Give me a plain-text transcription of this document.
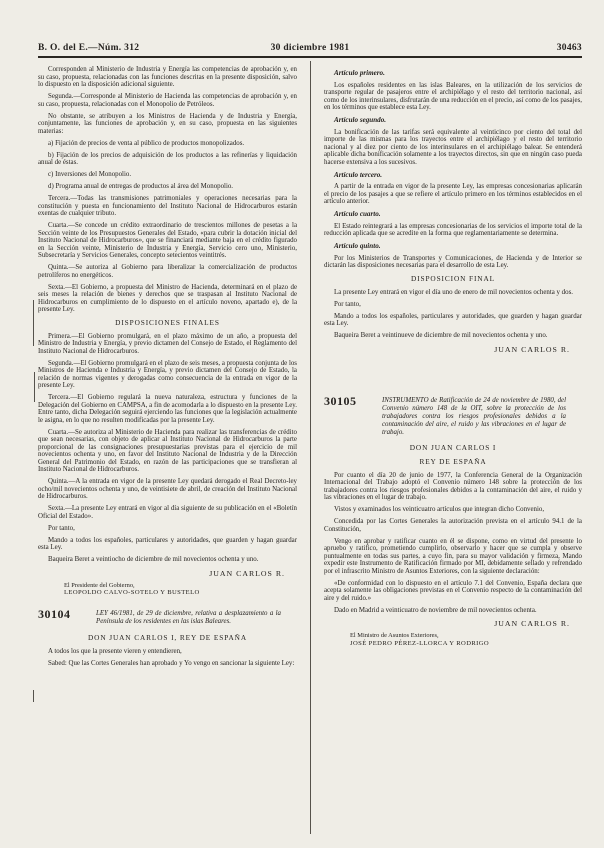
B. O. del E.—Núm. 312	30 diciembre 1981	30463

Corresponden al Ministerio de Industria y Energía las competencias de aprobación y, en su caso, propuesta, relacionadas con las funciones descritas en la presente disposición, salvo lo dispuesto en la disposición adicional siguiente.

Segunda.—Corresponde al Ministerio de Hacienda las competencias de aprobación y, en su caso, propuesta, relacionadas con el Monopolio de Petróleos.

No obstante, se atribuyen a los Ministros de Hacienda y de Industria y Energía, conjuntamente, las funciones de aprobación y, en su caso, propuesta en las siguientes materias:

a) Fijación de precios de venta al público de productos monopolizados.

b) Fijación de los precios de adquisición de los productos a las refinerías y liquidación anual de éstas.

c) Inversiones del Monopolio.

d) Programa anual de entregas de productos al área del Monopolio.

Tercera.—Todas las transmisiones patrimoniales y operaciones necesarias para la constitución y puesta en funcionamiento del Instituto Nacional de Hidrocarburos estarán exentas de cualquier tributo.

Cuarta.—Se concede un crédito extraordinario de trescientos millones de pesetas a la Sección veinte de los Presupuestos Generales del Estado, «para cubrir la dotación inicial del Instituto Nacional de Hidrocarburos», que se financiará mediante baja en el crédito figurado en la Sección veinte, Ministerio de Industria y Energía, Servicio cero uno, Ministerio, Subsecretaría y Servicios Generales, concepto setecientos veintitrés.

Quinta.—Se autoriza al Gobierno para liberalizar la comercialización de productos petrolíferos no energéticos.

Sexta.—El Gobierno, a propuesta del Ministro de Hacienda, determinará en el plazo de seis meses la relación de bienes y derechos que se traspasan al Instituto Nacional de Hidrocarburos en cumplimiento de lo dispuesto en el artículo noveno, apartado e), de la presente Ley.

DISPOSICIONES FINALES

Primera.—El Gobierno promulgará, en el plazo máximo de un año, a propuesta del Ministro de Industria y Energía, y previo dictamen del Consejo de Estado, el Reglamento del Instituto Nacional de Hidrocarburos.

Segunda.—El Gobierno promulgará en el plazo de seis meses, a propuesta conjunta de los Ministros de Hacienda e Industria y Energía, y previo dictamen del Consejo de Estado, la relación de normas vigentes y derogadas como consecuencia de la entrada en vigor de la presente Ley.

Tercera.—El Gobierno regulará la nueva naturaleza, estructura y funciones de la Delegación del Gobierno en CAMPSA, a fin de acomodarla a lo dispuesto en la presente Ley. Entre tanto, dicha Delegación seguirá ejerciendo las funciones que la legislación actualmente le asigna, en lo que no resulten modificadas por la presente Ley.

Cuarta.—Se autoriza al Ministerio de Hacienda para realizar las transferencias de crédito que sean necesarias, con objeto de aplicar al Instituto Nacional de Hidrocarburos la parte proporcional de las consignaciones presupuestarias previstas para el ejercicio de mil novecientos ochenta y uno, en favor del Instituto Nacional de Industria y de la Dirección General del Patrimonio del Estado, en razón de las participaciones que se transfieran al Instituto Nacional de Hidrocarburos.

Quinta.—A la entrada en vigor de la presente Ley quedará derogado el Real Decreto-ley ocho/mil novecientos ochenta y uno, de veintisiete de abril, de creación del Instituto Nacional de Hidrocarburos.

Sexta.—La presente Ley entrará en vigor al día siguiente de su publicación en el «Boletín Oficial del Estado».

Por tanto,

Mando a todos los españoles, particulares y autoridades, que guarden y hagan guardar esta Ley.

Baqueira Beret a veintiocho de diciembre de mil novecientos ochenta y uno.

JUAN CARLOS R.

El Presidente del Gobierno,
LEOPOLDO CALVO-SOTELO Y BUSTELO
30104	LEY 46/1981, de 29 de diciembre, relativa a desplazamiento a la Península de los residentes en las islas Baleares.

DON JUAN CARLOS I, REY DE ESPAÑA

A todos los que la presente vieren y entendieren,

Sabed: Que las Cortes Generales han aprobado y Yo vengo en sancionar la siguiente Ley:

Artículo primero.

Los españoles residentes en las islas Baleares, en la utilización de los servicios de transporte regular de pasajeros entre el archipiélago y el resto del territorio nacional, así como de los interinsulares, disfrutarán de una reducción en el precio, así como de los pasajes, en los términos que establece esta Ley.

Artículo segundo.

La bonificación de las tarifas será equivalente al veinticinco por ciento del total del importe de las mismas para los trayectos entre el archipiélago y el resto del territorio nacional y al diez por ciento de los interinsulares en el archipiélago balear. Se entenderá aplicable dicha bonificación solamente a los trayectos directos, sin que en ningún caso pueda hacerse extensiva a los sucesivos.

Artículo tercero.

A partir de la entrada en vigor de la presente Ley, las empresas concesionarias aplicarán el precio de los pasajes a que se refiere el artículo primero en los términos establecidos en el artículo anterior.

Artículo cuarto.

El Estado reintegrará a las empresas concesionarias de los servicios el importe total de la reducción aplicada que se acredite en la forma que reglamentariamente se determina.

Artículo quinto.

Por los Ministerios de Transportes y Comunicaciones, de Hacienda y de Interior se dictarán las disposiciones necesarias para el desarrollo de esta Ley.

DISPOSICION FINAL

La presente Ley entrará en vigor el día uno de enero de mil novecientos ochenta y dos.

Por tanto,

Mando a todos los españoles, particulares y autoridades, que guarden y hagan guardar esta Ley.

Baqueira Beret a veintinueve de diciembre de mil novecientos ochenta y uno.

JUAN CARLOS R.

30105	INSTRUMENTO de Ratificación de 24 de noviembre de 1980, del Convenio número 148 de la OIT, sobre la protección de los trabajadores contra los riesgos profesionales debidos a la contaminación del aire, el ruido y las vibraciones en el lugar de trabajo.

DON JUAN CARLOS I

REY DE ESPAÑA

Por cuanto el día 20 de junio de 1977, la Conferencia General de la Organización Internacional del Trabajo adoptó el Convenio número 148 sobre la protección de los trabajadores contra los riesgos profesionales debidos a la contaminación del aire, el ruido y las vibraciones en el lugar de trabajo.

Vistos y examinados los veinticuatro artículos que integran dicho Convenio,

Concedida por las Cortes Generales la autorización prevista en el artículo 94.1 de la Constitución,

Vengo en aprobar y ratificar cuanto en él se dispone, como en virtud del presente lo apruebo y ratifico, prometiendo cumplirlo, observarlo y hacer que se cumpla y observe puntualmente en todas sus partes, a cuyo fin, para su mayor validación y firmeza, Mando expedir este Instrumento de Ratificación firmado por MI, debidamente sellado y refrendado por el infrascrito Ministro de Asuntos Exteriores, con la siguiente declaración:

«De conformidad con lo dispuesto en el artículo 7.1 del Convenio, España declara que acepta solamente las obligaciones previstas en el Convenio respecto de la contaminación del aire y del ruido.»

Dado en Madrid a veinticuatro de noviembre de mil novecientos ochenta.

JUAN CARLOS R.

El Ministro de Asuntos Exteriores,
JOSÉ PEDRO PÉREZ-LLORCA Y RODRIGO
